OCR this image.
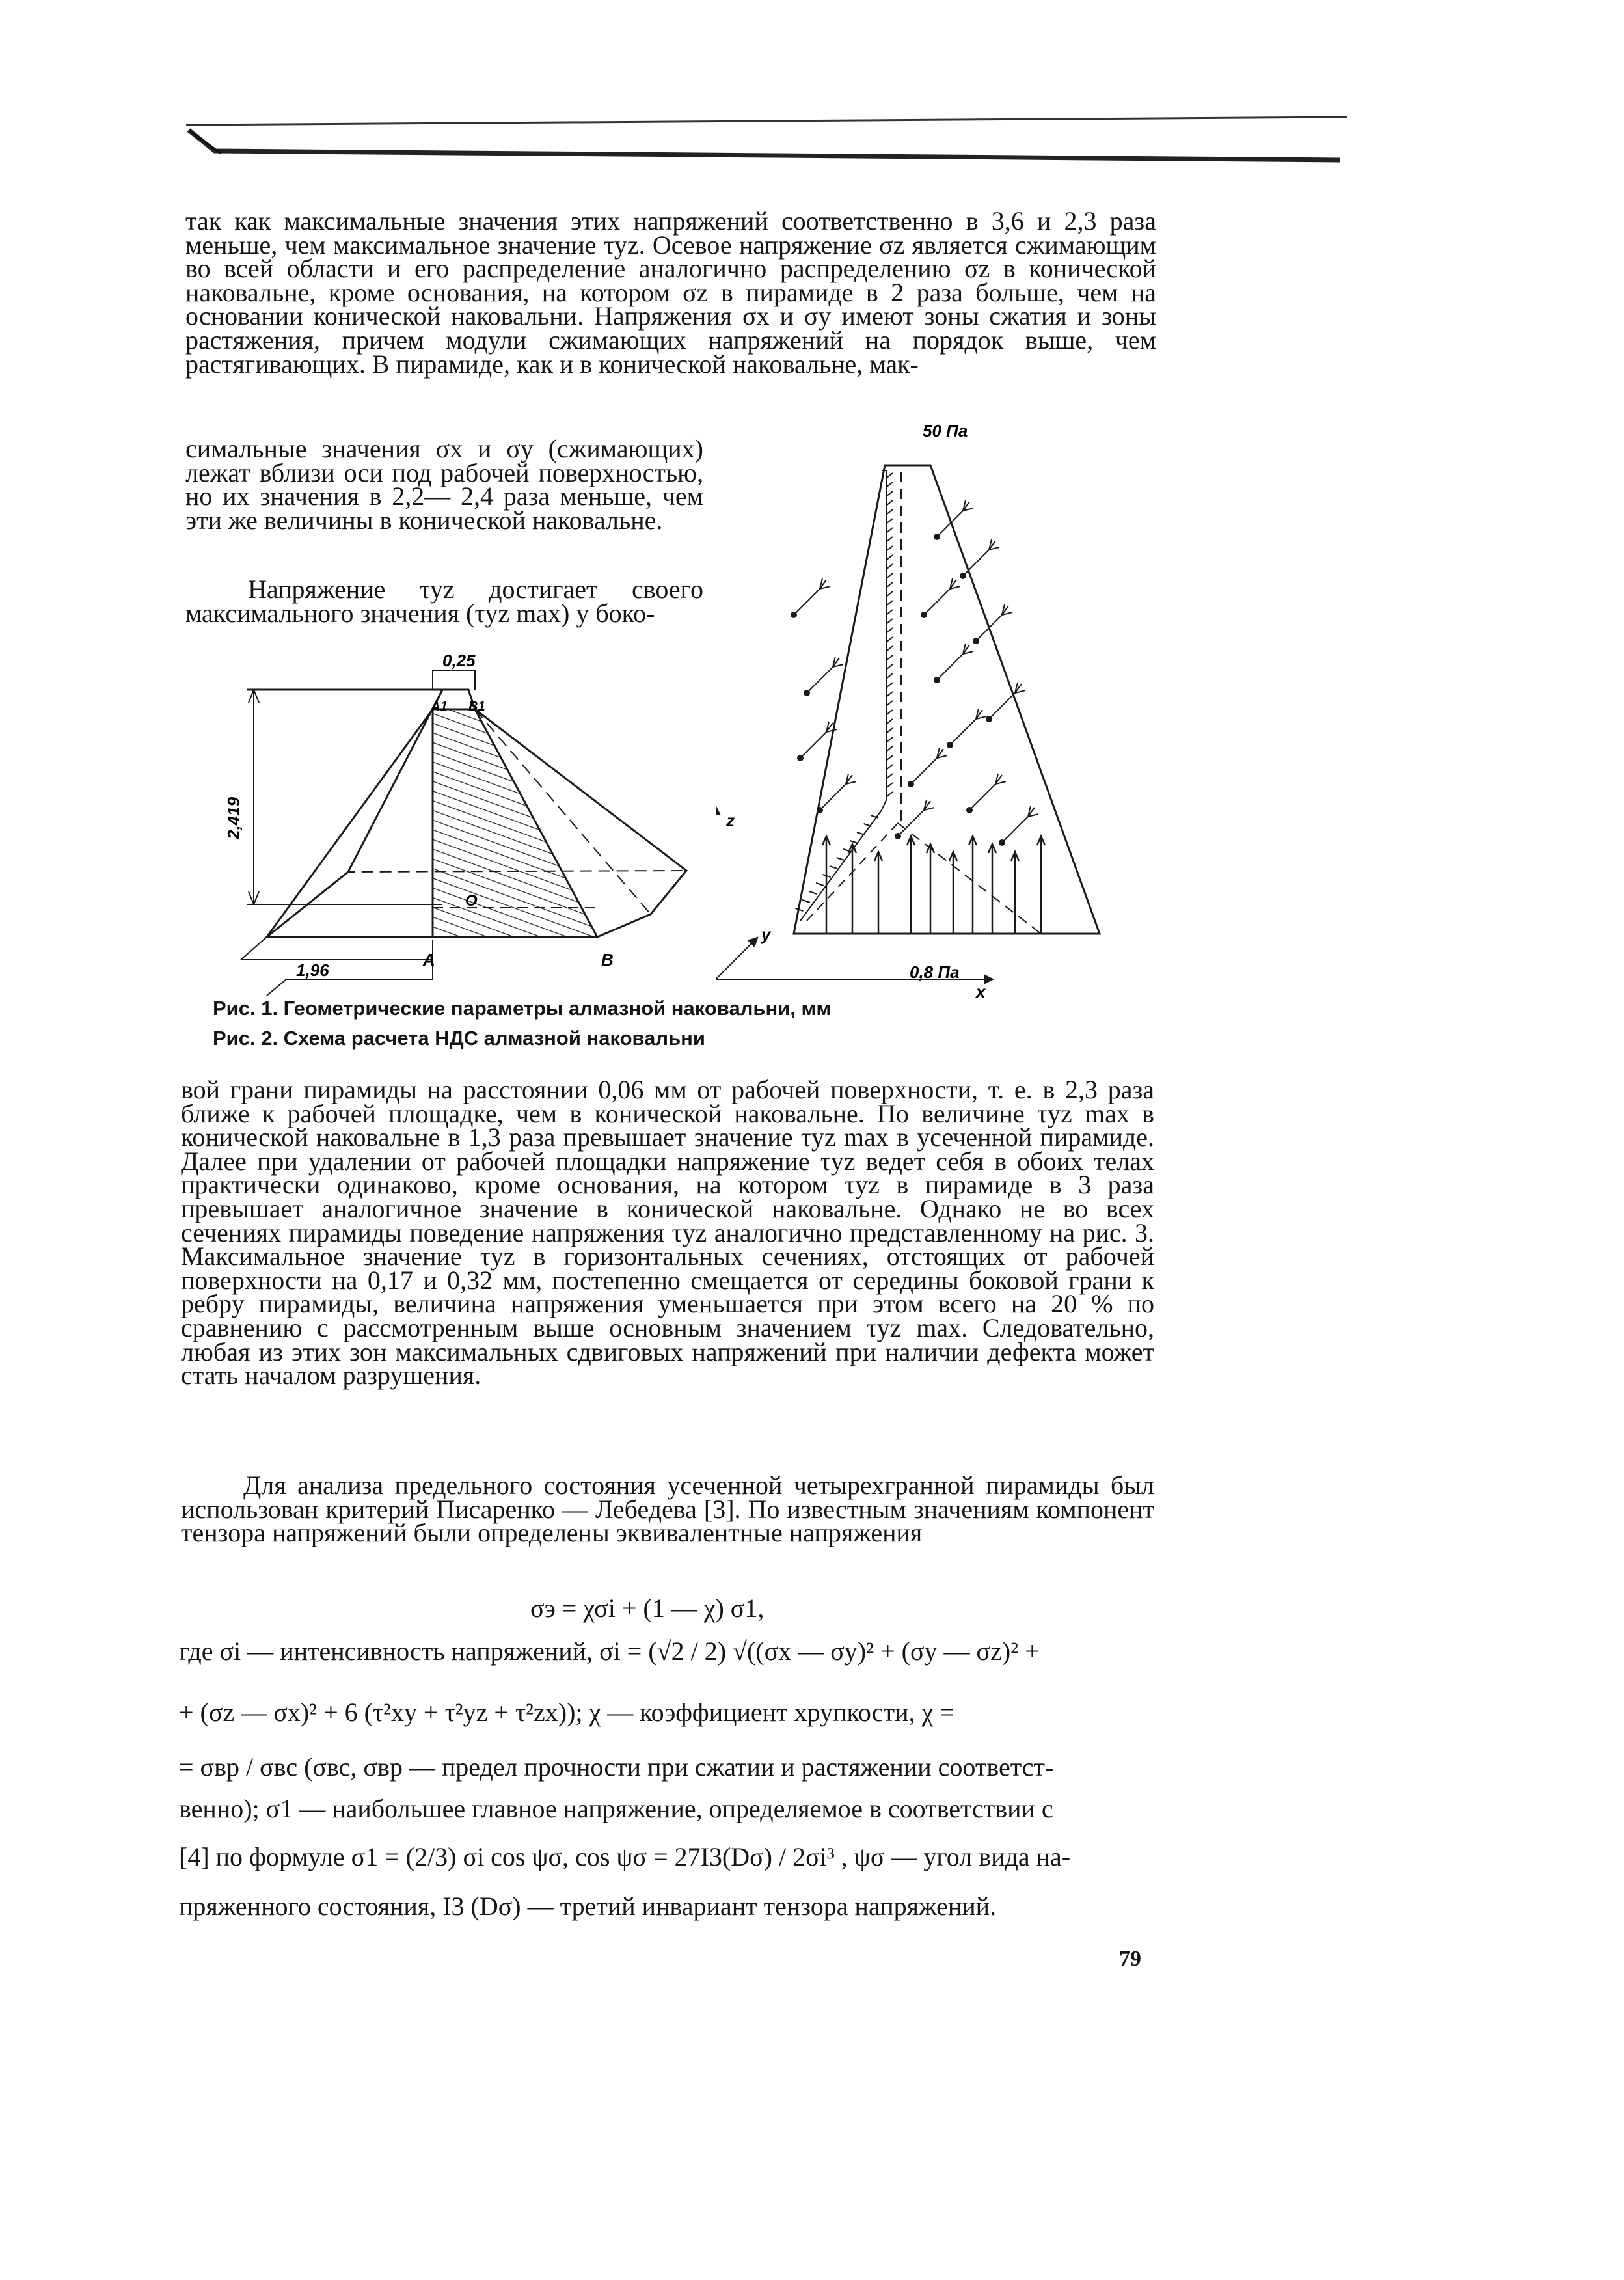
так как максимальные значения этих напряжений соответственно в 3,6 и 2,3 раза меньше, чем максимальное значение τyz. Осевое напряжение σz является сжимающим во всей области и его распределение аналогично распределению σz в конической наковальне, кроме основания, на котором σz в пирамиде в 2 раза больше, чем на основании конической наковальни. Напряжения σx и σy имеют зоны сжатия и зоны растяжения, причем модули сжимающих напряжений на порядок выше, чем растягивающих. В пирамиде, как и в конической наковальне, мак-

симальные значения σx и σy (сжимающих) лежат вблизи оси под рабочей поверхностью, но их значения в 2,2— 2,4 раза меньше, чем эти же величины в конической наковальне.

Напряжение τyz достигает своего максимального значения (τyz max) у боко-

0,25
2,419
1,96
A1 B1
O
A	B
50 Па
0,8 Па
z
y
x

Рис. 1. Геометрические параметры алмазной наковальни, мм

Рис. 2. Схема расчета НДС алмазной наковальни

вой грани пирамиды на расстоянии 0,06 мм от рабочей поверхности, т. е. в 2,3 раза ближе к рабочей площадке, чем в конической наковальне. По величине τyz max в конической наковальне в 1,3 раза превышает значение τyz max в усеченной пирамиде. Далее при удалении от рабочей площадки напряжение τyz ведет себя в обоих телах практически одинаково, кроме основания, на котором τyz в пирамиде в 3 раза превышает аналогичное значение в конической наковальне. Однако не во всех сечениях пирамиды поведение напряжения τyz аналогично представленному на рис. 3. Максимальное значение τyz в горизонтальных сечениях, отстоящих от рабочей поверхности на 0,17 и 0,32 мм, постепенно смещается от середины боковой грани к ребру пирамиды, величина напряжения уменьшается при этом всего на 20 % по сравнению с рассмотренным выше основным значением τyz max. Следовательно, любая из этих зон максимальных сдвиговых напряжений при наличии дефекта может стать началом разрушения.

Для анализа предельного состояния усеченной четырехгранной пирамиды был использован критерий Писаренко — Лебедева [3]. По известным значениям компонент тензора напряжений были определены эквивалентные напряжения

σэ = χσi + (1 — χ) σ1,

где σi — интенсивность напряжений, σi = (√2 / 2) √((σx — σy)² + (σy — σz)² +

+ (σz — σx)² + 6 (τ²xy + τ²yz + τ²zx)); χ — коэффициент хрупкости, χ =

= σвр / σвс (σвс, σвр — предел прочности при сжатии и растяжении соответст-

венно); σ1 — наибольшее главное напряжение, определяемое в соответствии с

[4] по формуле σ1 = (2/3) σi cos ψσ, cos ψσ = 27I3(Dσ) / 2σi³ , ψσ — угол вида на-

пряженного состояния, I3 (Dσ) — третий инвариант тензора напряжений.

79
